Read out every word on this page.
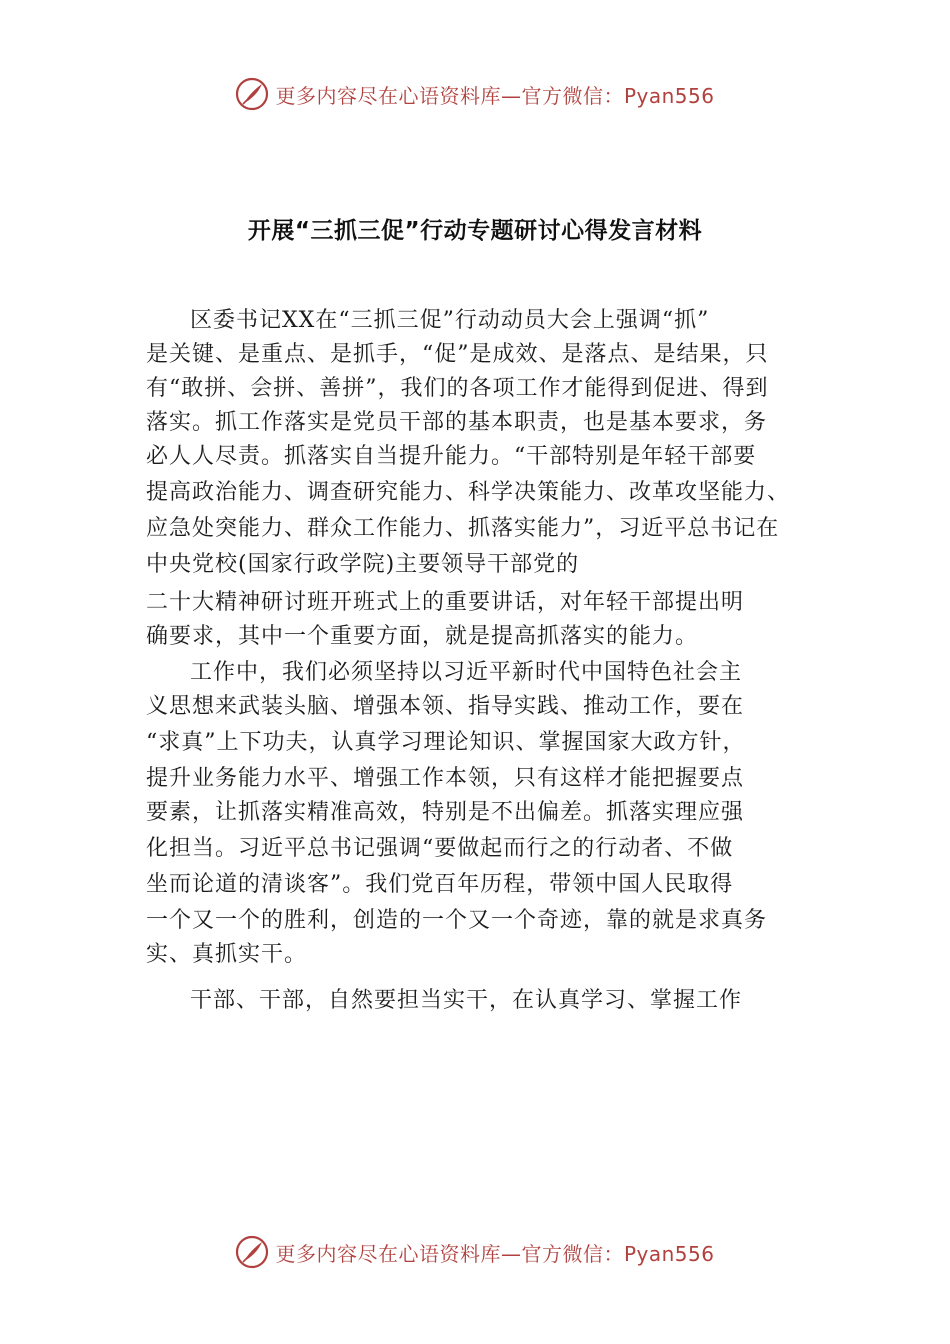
更多内容尽在心语资料库—官方微信：Pyan556
开展“三抓三促”行动专题研讨心得发言材料
区委书记XX在“三抓三促”行动动员大会上强调“抓”
是关键、是重点、是抓手，“促”是成效、是落点、是结果，只
有“敢拼、会拼、善拼”，我们的各项工作才能得到促进、得到
落实。抓工作落实是党员干部的基本职责，也是基本要求，务
必人人尽责。抓落实自当提升能力。“干部特别是年轻干部要
提高政治能力、调查研究能力、科学决策能力、改革攻坚能力、
应急处突能力、群众工作能力、抓落实能力”，习近平总书记在
中央党校(国家行政学院)主要领导干部党的
二十大精神研讨班开班式上的重要讲话，对年轻干部提出明
确要求，其中一个重要方面，就是提高抓落实的能力。
工作中，我们必须坚持以习近平新时代中国特色社会主
义思想来武装头脑、增强本领、指导实践、推动工作，要在
“求真”上下功夫，认真学习理论知识、掌握国家大政方针，
提升业务能力水平、增强工作本领，只有这样才能把握要点
要素，让抓落实精准高效，特别是不出偏差。抓落实理应强
化担当。习近平总书记强调“要做起而行之的行动者、不做
坐而论道的清谈客”。我们党百年历程，带领中国人民取得
一个又一个的胜利，创造的一个又一个奇迹，靠的就是求真务
实、真抓实干。
干部、干部，自然要担当实干，在认真学习、掌握工作
更多内容尽在心语资料库—官方微信：Pyan556
